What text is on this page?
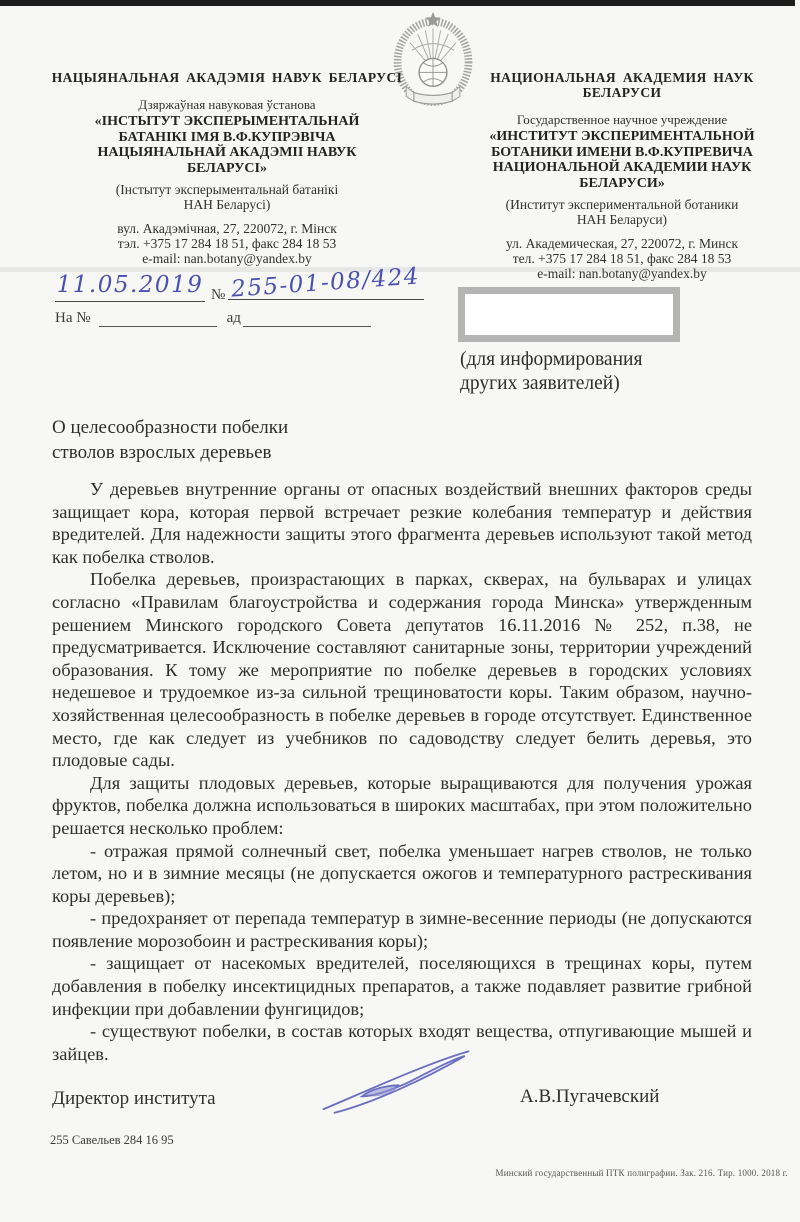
НАЦЫЯНАЛЬНАЯ АКАДЭМІЯ НАВУК БЕЛАРУСІ
Дзяржаўная навуковая ўстанова
«ІНСТЫТУТ ЭКСПЕРЫМЕНТАЛЬНАЙ
БАТАНІКІ ІМЯ В.Ф.КУПРЭВІЧА
НАЦЫЯНАЛЬНАЙ АКАДЭМІІ НАВУК
БЕЛАРУСІ»
(Інстытут эксперыментальнай батанікі
НАН Беларусі)
вул. Акадэмічная, 27, 220072, г. Мінск
тэл. +375 17 284 18 51, факс 284 18 53
e-mail: nan.botany@yandex.by
НАЦИОНАЛЬНАЯ АКАДЕМИЯ НАУК БЕЛАРУСИ
Государственное научное учреждение
«ИНСТИТУТ ЭКСПЕРИМЕНТАЛЬНОЙ
БОТАНИКИ ИМЕНИ В.Ф.КУПРЕВИЧА
НАЦИОНАЛЬНОЙ АКАДЕМИИ НАУК
БЕЛАРУСИ»
(Институт экспериментальной ботаники
НАН Беларуси)
ул. Академическая, 27, 220072, г. Минск
тел. +375 17 284 18 51, факс 284 18 53
e-mail: nan.botany@yandex.by
11.05.2019 № 255-01-08/424
На №	ад
(для информирования других заявителей)
О целесообразности побелки стволов взрослых деревьев

У деревьев внутренние органы от опасных воздействий внешних факторов среды защищает кора, которая первой встречает резкие колебания температур и действия вредителей. Для надежности защиты этого фрагмента деревьев используют такой метод как побелка стволов.

Побелка деревьев, произрастающих в парках, скверах, на бульварах и улицах согласно «Правилам благоустройства и содержания города Минска» утвержденным решением Минского городского Совета депутатов 16.11.2016 № 252, п.38, не предусматривается. Исключение составляют санитарные зоны, территории учреждений образования. К тому же мероприятие по побелке деревьев в городских условиях недешевое и трудоемкое из-за сильной трещиноватости коры. Таким образом, научно-хозяйственная целесообразность в побелке деревьев в городе отсутствует. Единственное место, где как следует из учебников по садоводству следует белить деревья, это плодовые сады.

Для защиты плодовых деревьев, которые выращиваются для получения урожая фруктов, побелка должна использоваться в широких масштабах, при этом положительно решается несколько проблем:

- отражая прямой солнечный свет, побелка уменьшает нагрев стволов, не только летом, но и в зимние месяцы (не допускается ожогов и температурного растрескивания коры деревьев);

- предохраняет от перепада температур в зимне-весенние периоды (не допускаются появление морозобоин и растрескивания коры);

- защищает от насекомых вредителей, поселяющихся в трещинах коры, путем добавления в побелку инсектицидных препаратов, а также подавляет развитие грибной инфекции при добавлении фунгицидов;

- существуют побелки, в состав которых входят вещества, отпугивающие мышей и зайцев.

Директор института	А.В.Пугачевский
255 Савельев 284 16 95
Минский государственный ПТК полиграфии. Зак. 216. Тир. 1000. 2018 г.
